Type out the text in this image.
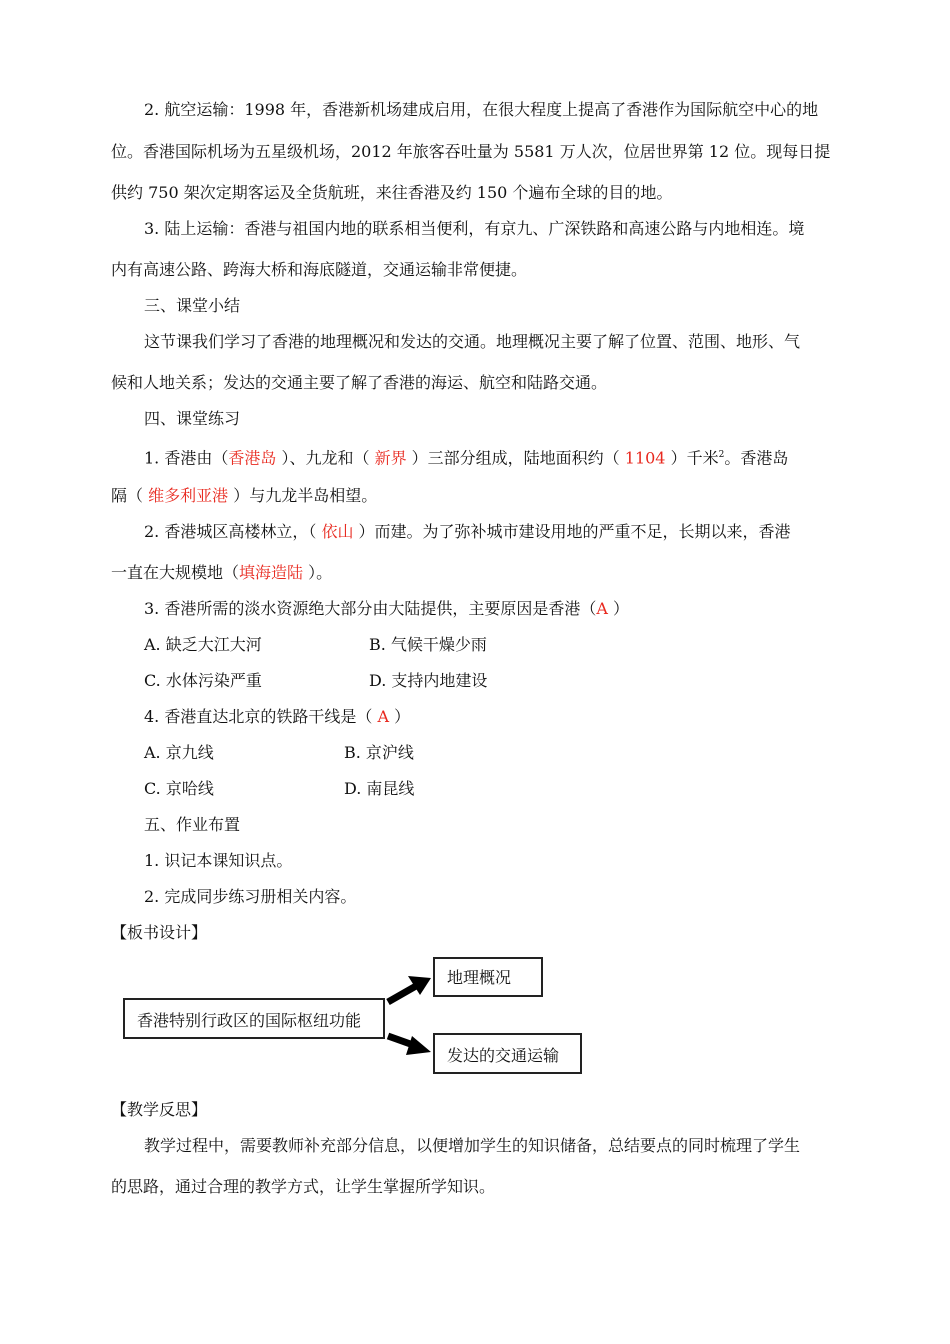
2. 航空运输：1998 年，香港新机场建成启用，在很大程度上提高了香港作为国际航空中心的地
位。香港国际机场为五星级机场，2012 年旅客吞吐量为 5581 万人次，位居世界第 12 位。现每日提
供约 750 架次定期客运及全货航班，来往香港及约 150 个遍布全球的目的地。
3. 陆上运输：香港与祖国内地的联系相当便利，有京九、广深铁路和高速公路与内地相连。境
内有高速公路、跨海大桥和海底隧道，交通运输非常便捷。
三、课堂小结
这节课我们学习了香港的地理概况和发达的交通。地理概况主要了解了位置、范围、地形、气
候和人地关系；发达的交通主要了解了香港的海运、航空和陆路交通。
四、课堂练习
1. 香港由（香港岛 ）、九龙和（ 新界 ）三部分组成，陆地面积约（ 1104 ）千米$^2$。香港岛
隔（ 维多利亚港 ）与九龙半岛相望。
2. 香港城区高楼林立，（ 依山 ）而建。为了弥补城市建设用地的严重不足，长期以来，香港
一直在大规模地（填海造陆 ）。
3. 香港所需的淡水资源绝大部分由大陆提供，主要原因是香港（A ）
A. 缺乏大江大河	B. 气候干燥少雨
C. 水体污染严重	D. 支持内地建设
4. 香港直达北京的铁路干线是（ A ）
A. 京九线	B. 京沪线
C. 京哈线	D. 南昆线
五、作业布置
1. 识记本课知识点。
2. 完成同步练习册相关内容。
【板书设计】
地理概况
香港特别行政区的国际枢纽功能
发达的交通运输
【教学反思】
教学过程中，需要教师补充部分信息，以便增加学生的知识储备，总结要点的同时梳理了学生
的思路，通过合理的教学方式，让学生掌握所学知识。
